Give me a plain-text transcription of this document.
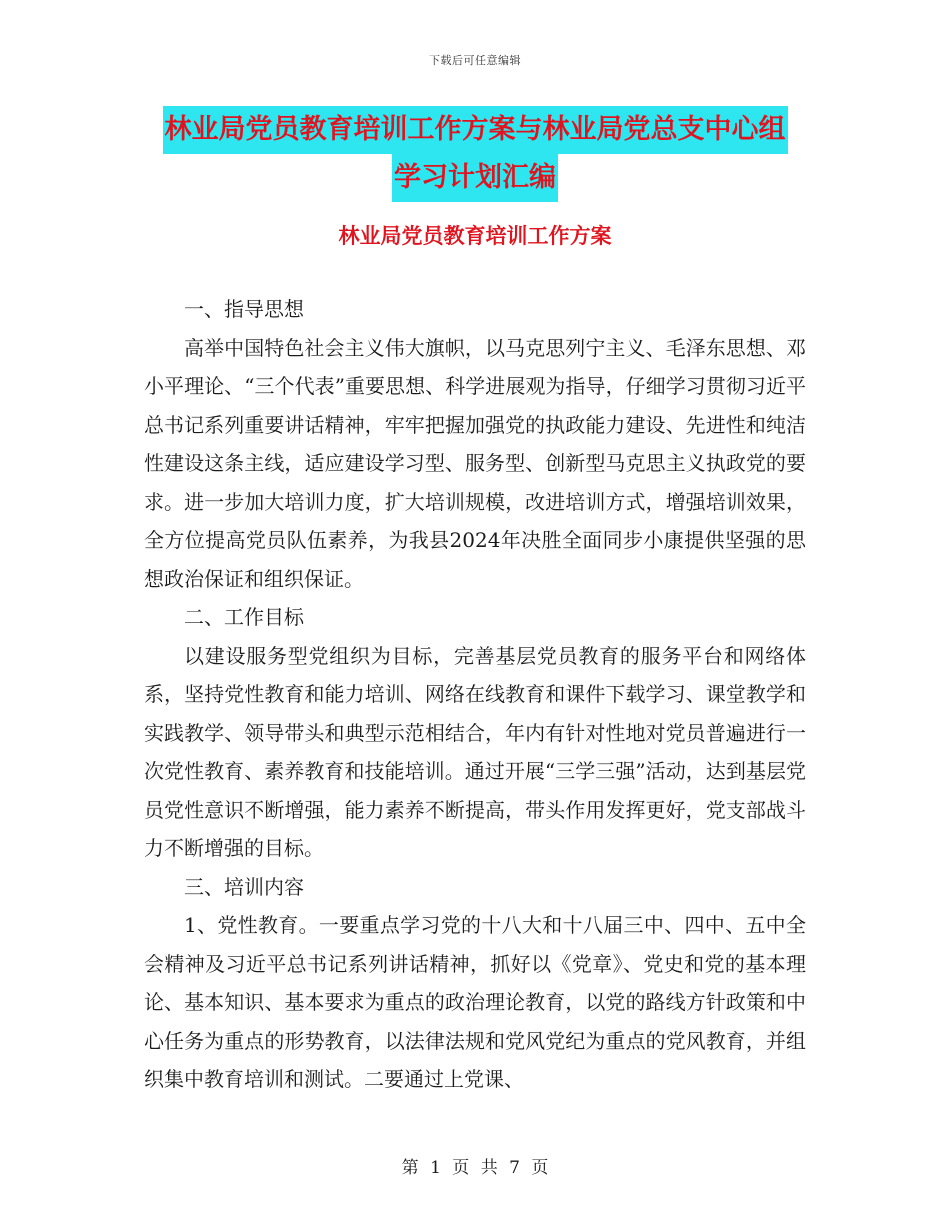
下载后可任意编辑
林业局党员教育培训工作方案与林业局党总支中心组
学习计划汇编
林业局党员教育培训工作方案

一、指导思想

高举中国特色社会主义伟大旗帜，以马克思列宁主义、毛泽东思想、邓小平理论、“三个代表”重要思想、科学进展观为指导，仔细学习贯彻习近平总书记系列重要讲话精神，牢牢把握加强党的执政能力建设、先进性和纯洁性建设这条主线，适应建设学习型、服务型、创新型马克思主义执政党的要求。进一步加大培训力度，扩大培训规模，改进培训方式，增强培训效果，全方位提高党员队伍素养，为我县2024年决胜全面同步小康提供坚强的思想政治保证和组织保证。

二、工作目标

以建设服务型党组织为目标，完善基层党员教育的服务平台和网络体系，坚持党性教育和能力培训、网络在线教育和课件下载学习、课堂教学和实践教学、领导带头和典型示范相结合，年内有针对性地对党员普遍进行一次党性教育、素养教育和技能培训。通过开展“三学三强”活动，达到基层党员党性意识不断增强，能力素养不断提高，带头作用发挥更好，党支部战斗力不断增强的目标。

三、培训内容

1、党性教育。一要重点学习党的十八大和十八届三中、四中、五中全会精神及习近平总书记系列讲话精神，抓好以《党章》、党史和党的基本理论、基本知识、基本要求为重点的政治理论教育，以党的路线方针政策和中心任务为重点的形势教育，以法律法规和党风党纪为重点的党风教育，并组织集中教育培训和测试。二要通过上党课、

第 1 页 共 7 页
